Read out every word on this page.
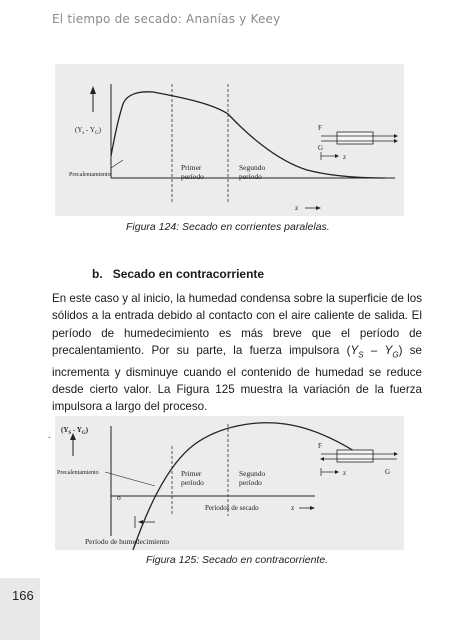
El tiempo de secado: Ananías y Keey
$(Y_s - Y_G)$
Precalentamiento
Primer
período
Segundo
período
z
F
G
z
Figura 124: Secado en corrientes paralelas.
b. Secado en contracorriente
En este caso y al inicio, la humedad condensa sobre la superficie de los sólidos a la entrada debido al contacto con el aire caliente de salida. El período de humedecimiento es más breve que el período de precalentamiento. Por su parte, la fuerza impulsora $(Y_S - Y_G)$ se incrementa y disminuye cuando el contenido de humedad se reduce desde cierto valor. La Figura 125 muestra la variación de la fuerza impulsora a largo del proceso.
-
$(Y_S - Y_G)$
Precalentamiento	Primer
período
Segundo
período
o
Períodos de secado	z
Período de humedecimiento
F
G
z
Figura 125: Secado en contracorriente.
166
